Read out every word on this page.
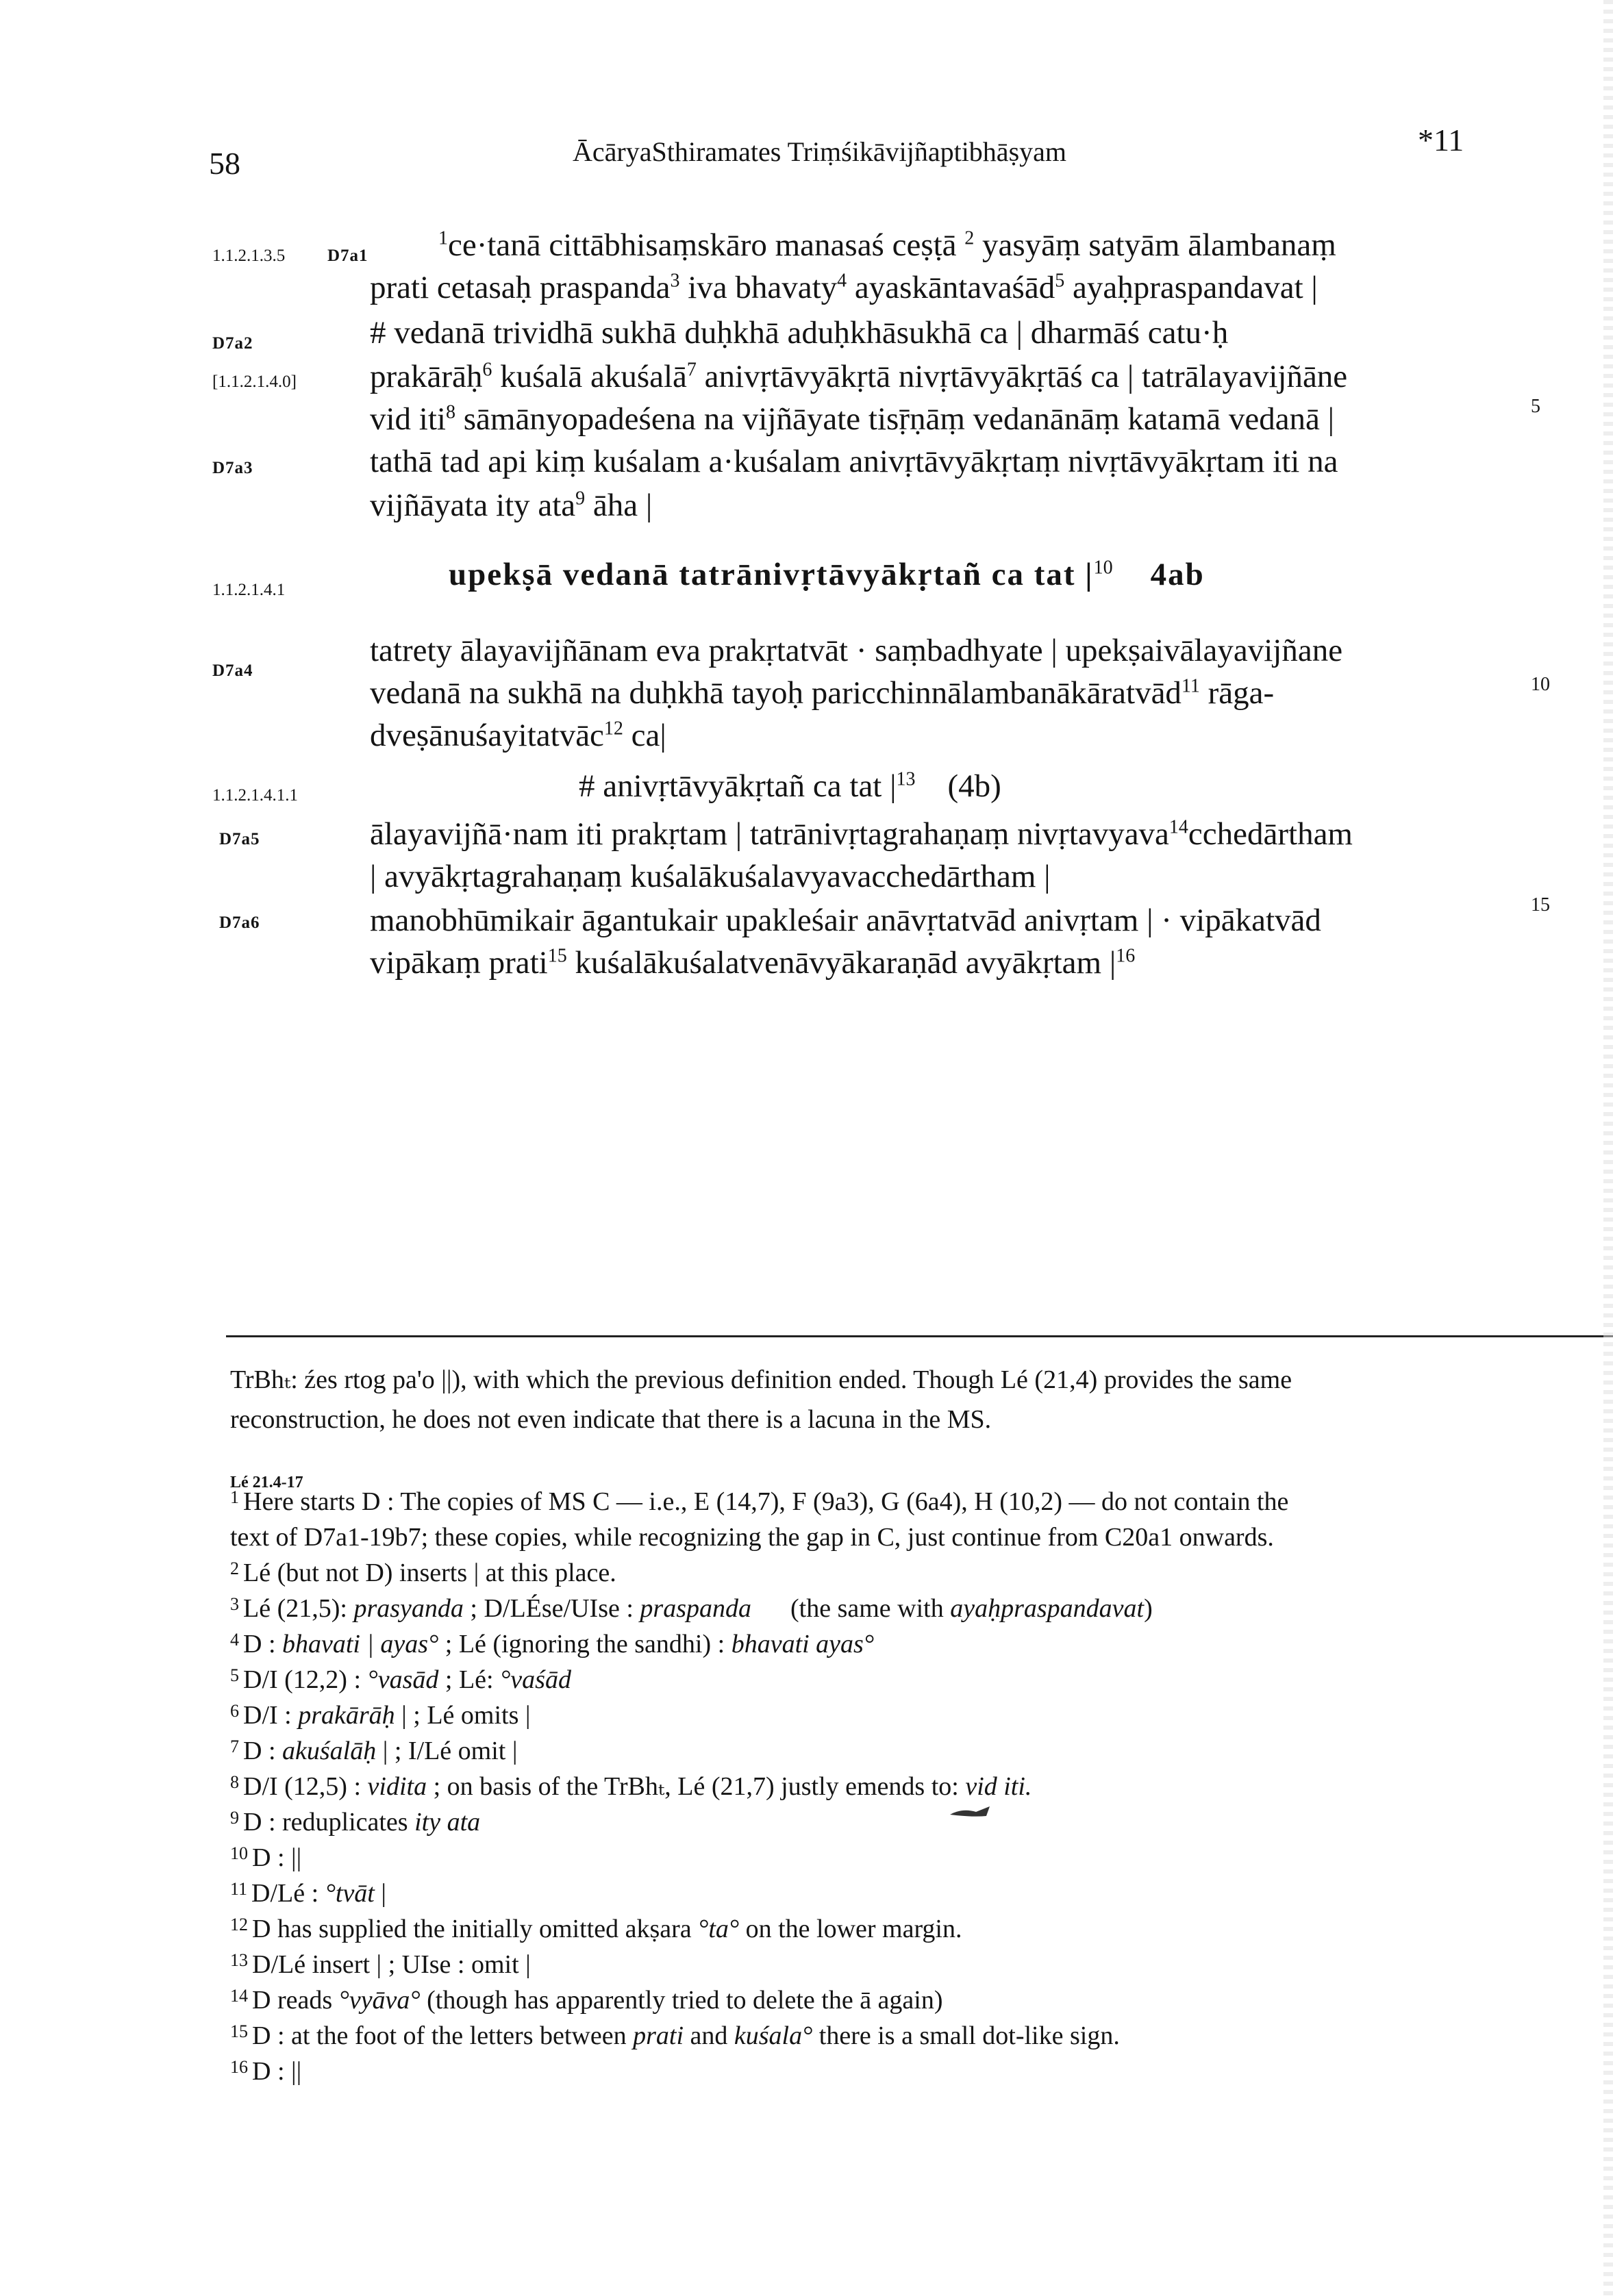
58	ĀcāryaSthiramates Triṃśikāvijñaptibhāṣyam	*11
1.1.2.1.3.5 D7a1
D7a2
[1.1.2.1.4.0]
D7a3
1.1.2.1.4.1
D7a4
1.1.2.1.4.1.1
D7a5
D7a6
5
10
15
$^1$ce·tanā cittābhisaṃskāro manasaś ceṣṭā $^2$ yasyāṃ satyām ālambanaṃ
prati cetasaḥ praspanda$^3$ iva bhavaty$^4$ ayaskāntavaśād$^5$ ayaḥpraspandavat |
# vedanā trividhā sukhā duḥkhā aduḥkhāsukhā ca | dharmāś catu·ḥ
prakārāḥ$^6$ kuśalā akuśalā$^7$ anivṛtāvyākṛtā nivṛtāvyākṛtāś ca | tatrālayavijñāne
vid iti$^8$ sāmānyopadeśena na vijñāyate tisṝṇāṃ vedanānāṃ katamā vedanā |
tathā tad api kiṃ kuśalam a·kuśalam anivṛtāvyākṛtaṃ nivṛtāvyākṛtam iti na
vijñāyata ity ata$^9$ āha |
upekṣā vedanā tatrānivṛtāvyākṛtañ ca tat $|^{10}$ 4ab
tatrety ālayavijñānam eva prakṛtatvāt · saṃbadhyate | upekṣaivālayavijñane
vedanā na sukhā na duḥkhā tayoḥ paricchinnālambanākāratvād$^{11}$ rāga-
dveṣānuśayitatvāc$^{12}$ ca|
# anivṛtāvyākṛtañ ca tat $|^{13}$ (4b)
ālayavijñā·nam iti prakṛtam | tatrānivṛtagrahaṇaṃ nivṛtavyava$^{14}$cchedārtham
| avyākṛtagrahaṇaṃ kuśalākuśalavyavacchedārtham |
manobhūmikair āgantukair upakleśair anāvṛtatvād anivṛtam | · vipākatvād
vipākaṃ prati$^{15}$ kuśalākuśalatvenāvyākaraṇād avyākṛtam $|^{16}$
TrBhₜ: źes rtog pa'o ||), with which the previous definition ended. Though Lé (21,4) provides the same
reconstruction, he does not even indicate that there is a lacuna in the MS.
Lé 21.4-17
$^1$ Here starts D : The copies of MS C — i.e., E (14,7), F (9a3), G (6a4), H (10,2) — do not contain the
text of D7a1-19b7; these copies, while recognizing the gap in C, just continue from C20a1 onwards.
$^2$ Lé (but not D) inserts | at this place.
$^3$ Lé (21,5): prasyanda ; D/LÉse/UIse : praspanda (the same with ayaḥpraspandavat)
$^4$ D : bhavati | ayas° ; Lé (ignoring the sandhi) : bhavati ayas°
$^5$ D/I (12,2) : °vasād ; Lé: °vaśād
$^6$ D/I : prakārāḥ | ; Lé omits |
$^7$ D : akuśalāḥ | ; I/Lé omit |
$^8$ D/I (12,5) : vidita ; on basis of the TrBhₜ, Lé (21,7) justly emends to: vid iti.
$^9$ D : reduplicates ity ata
$^{10}$ D : ||
$^{11}$ D/Lé : °tvāt |
$^{12}$ D has supplied the initially omitted akṣara °ta° on the lower margin.
$^{13}$ D/Lé insert | ; UIse : omit |
$^{14}$ D reads °vyāva° (though has apparently tried to delete the ā again)
$^{15}$ D : at the foot of the letters between prati and kuśala° there is a small dot-like sign.
$^{16}$ D : ||
